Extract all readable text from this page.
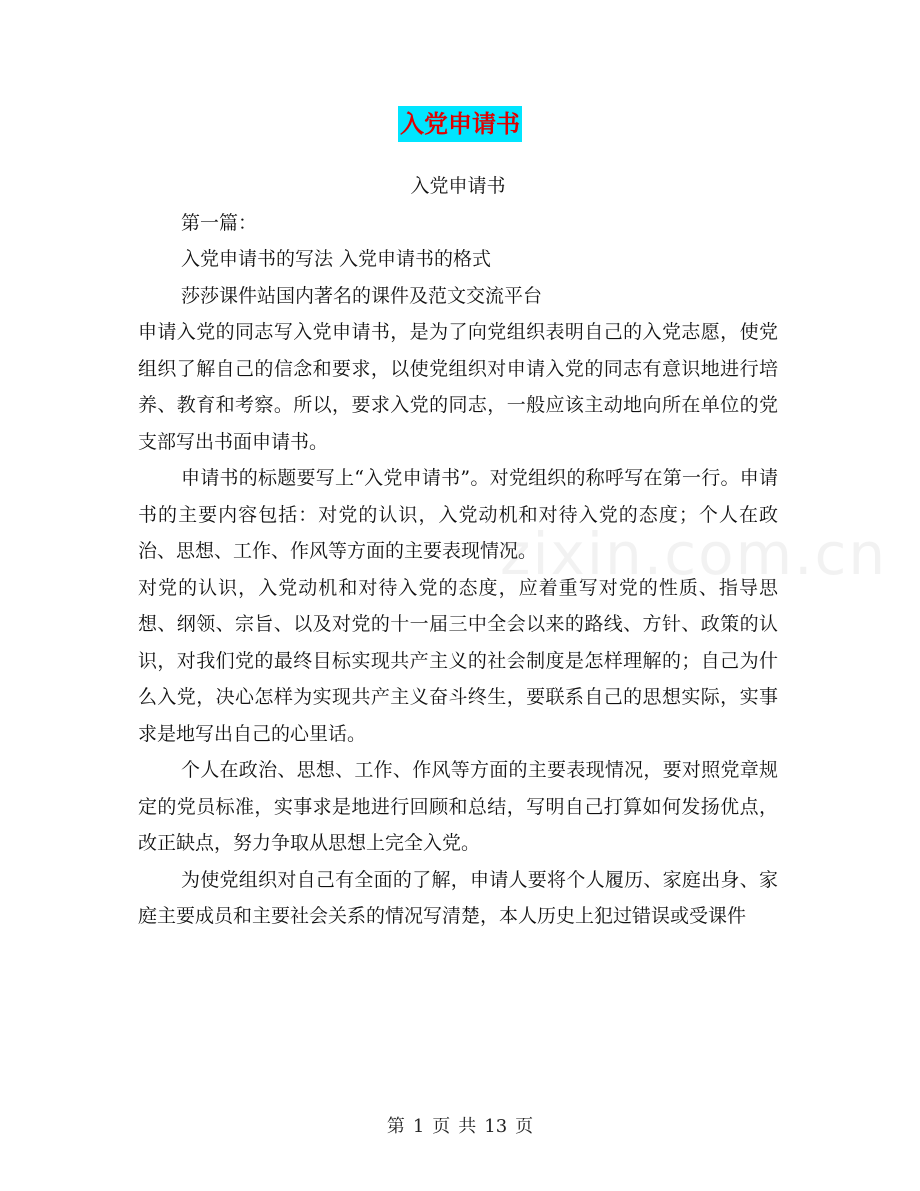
入党申请书
zixin.com.cn

入党申请书

第一篇：

入党申请书的写法 入党申请书的格式

莎莎课件站国内著名的课件及范文交流平台

申请入党的同志写入党申请书，是为了向党组织表明自己的入党志愿，使党组织了解自己的信念和要求，以使党组织对申请入党的同志有意识地进行培养、教育和考察。所以，要求入党的同志，一般应该主动地向所在单位的党支部写出书面申请书。

申请书的标题要写上“入党申请书”。对党组织的称呼写在第一行。申请书的主要内容包括：对党的认识，入党动机和对待入党的态度；个人在政治、思想、工作、作风等方面的主要表现情况。

对党的认识，入党动机和对待入党的态度，应着重写对党的性质、指导思想、纲领、宗旨、以及对党的十一届三中全会以来的路线、方针、政策的认识，对我们党的最终目标实现共产主义的社会制度是怎样理解的；自己为什么入党，决心怎样为实现共产主义奋斗终生，要联系自己的思想实际，实事求是地写出自己的心里话。

个人在政治、思想、工作、作风等方面的主要表现情况，要对照党章规定的党员标准，实事求是地进行回顾和总结，写明自己打算如何发扬优点，改正缺点，努力争取从思想上完全入党。

为使党组织对自己有全面的了解，申请人要将个人履历、家庭出身、家庭主要成员和主要社会关系的情况写清楚，本人历史上犯过错误或受课件

第 1 页 共 13 页
